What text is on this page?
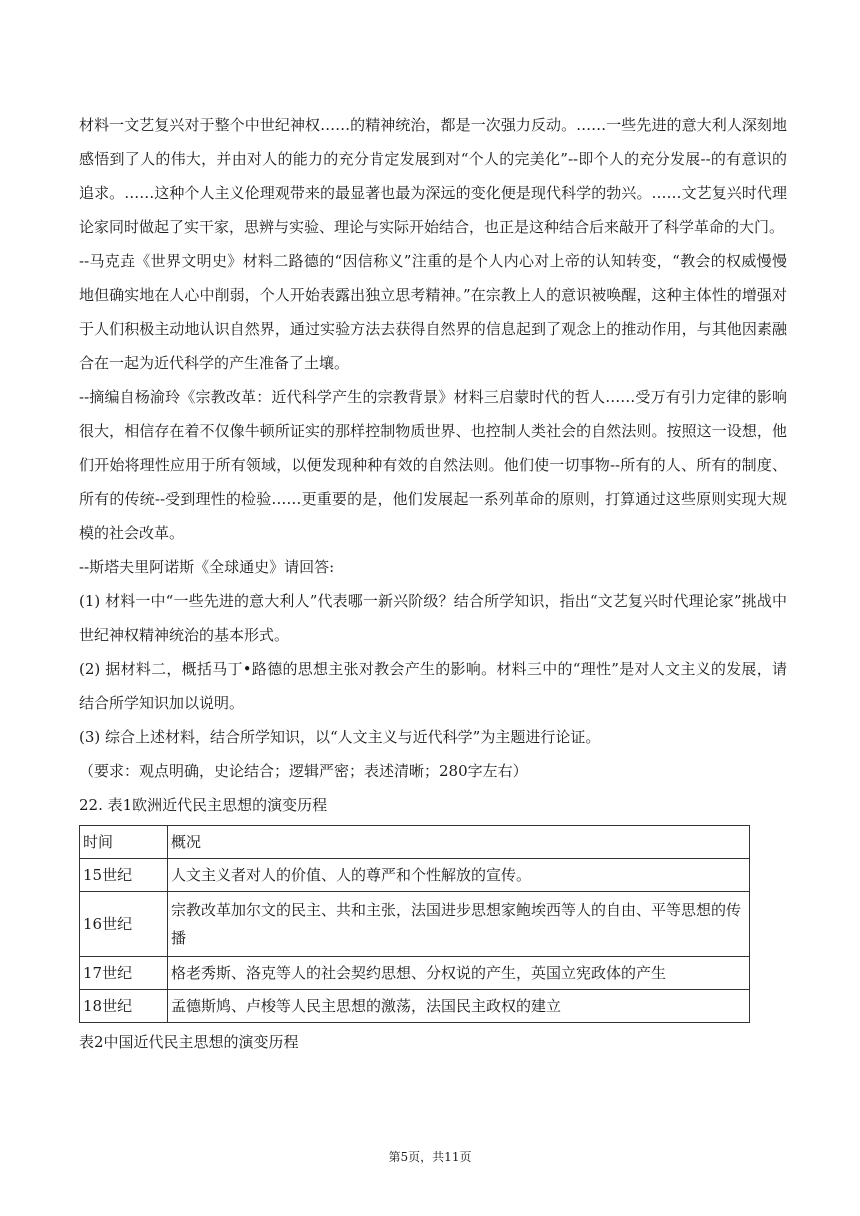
材料一文艺复兴对于整个中世纪神权……的精神统治，都是一次强力反动。……一些先进的意大利人深刻地感悟到了人的伟大，并由对人的能力的充分肯定发展到对“个人的完美化”--即个人的充分发展--的有意识的追求。……这种个人主义伦理观带来的最显著也最为深远的变化便是现代科学的勃兴。……文艺复兴时代理论家同时做起了实干家，思辨与实验、理论与实际开始结合，也正是这种结合后来敲开了科学革命的大门。

--马克垚《世界文明史》材料二路德的“因信称义”注重的是个人内心对上帝的认知转变，“教会的权威慢慢地但确实地在人心中削弱，个人开始表露出独立思考精神。”在宗教上人的意识被唤醒，这种主体性的增强对于人们积极主动地认识自然界，通过实验方法去获得自然界的信息起到了观念上的推动作用，与其他因素融合在一起为近代科学的产生准备了土壤。

--摘编自杨渝玲《宗教改革：近代科学产生的宗教背景》材料三启蒙时代的哲人……受万有引力定律的影响很大，相信存在着不仅像牛顿所证实的那样控制物质世界、也控制人类社会的自然法则。按照这一设想，他们开始将理性应用于所有领域，以便发现种种有效的自然法则。他们使一切事物--所有的人、所有的制度、所有的传统--受到理性的检验……更重要的是，他们发展起一系列革命的原则，打算通过这些原则实现大规模的社会改革。

--斯塔夫里阿诺斯《全球通史》请回答:

(1) 材料一中“一些先进的意大利人”代表哪一新兴阶级？结合所学知识，指出“文艺复兴时代理论家”挑战中世纪神权精神统治的基本形式。

(2) 据材料二，概括马丁•路德的思想主张对教会产生的影响。材料三中的“理性”是对人文主义的发展，请结合所学知识加以说明。

(3) 综合上述材料，结合所学知识，以“人文主义与近代科学”为主题进行论证。

（要求：观点明确，史论结合；逻辑严密；表述清晰；280字左右）

22. 表1欧洲近代民主思想的演变历程

时间	概况
15世纪	人文主义者对人的价值、人的尊严和个性解放的宣传。
16世纪	宗教改革加尔文的民主、共和主张，法国进步思想家鲍埃西等人的自由、平等思想的传播
17世纪	格老秀斯、洛克等人的社会契约思想、分权说的产生，英国立宪政体的产生
18世纪	孟德斯鸠、卢梭等人民主思想的激荡，法国民主政权的建立

表2中国近代民主思想的演变历程

第5页，共11页
